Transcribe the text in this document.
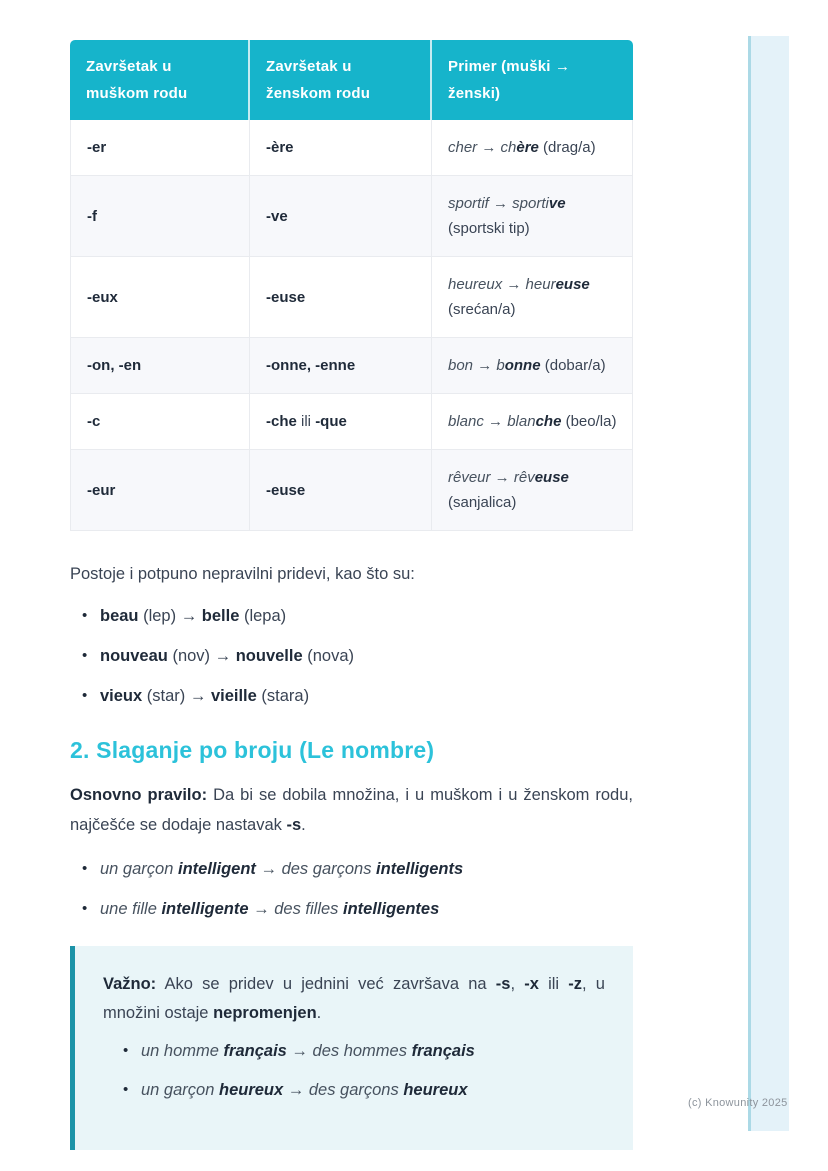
Završetak u muškom rodu	Završetak u ženskom rodu	Primer (muški → ženski)
-er	-ère	cher → chère (drag/a)
-f	-ve	sportif → sportive (sportski tip)
-eux	-euse	heureux → heureuse (srećan/a)
-on, -en	-onne, -enne	bon → bonne (dobar/a)
-c	-che ili -que	blanc → blanche (beo/la)
-eur	-euse	rêveur → rêveuse (sanjalica)

Postoje i potpuno nepravilni pridevi, kao što su:

• beau (lep) → belle (lepa)
• nouveau (nov) → nouvelle (nova)
• vieux (star) → vieille (stara)
2. Slaganje po broju (Le nombre)

Osnovno pravilo: Da bi se dobila množina, i u muškom i u ženskom rodu, najčešće se dodaje nastavak -s.

• un garçon intelligent → des garçons intelligents
• une fille intelligente → des filles intelligentes

Važno: Ako se pridev u jednini već završava na -s, -x ili -z, u množini ostaje nepromenjen.

• un homme français → des hommes français
• un garçon heureux → des garçons heureux
(c) Knowunity 2025
